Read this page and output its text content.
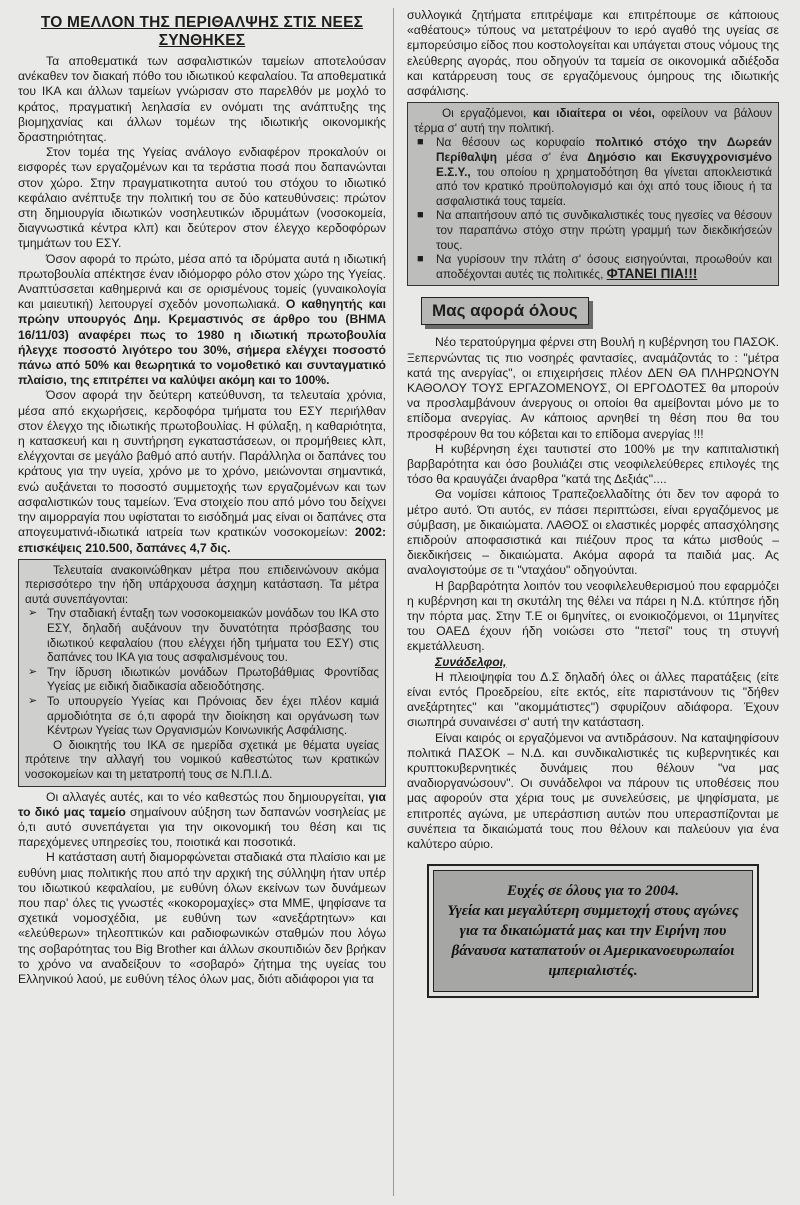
ΤΟ ΜΕΛΛΟΝ ΤΗΣ ΠΕΡΙΘΑΛΨΗΣ ΣΤΙΣ ΝΕΕΣ ΣΥΝΘΗΚΕΣ

Τα αποθεματικά των ασφαλιστικών ταμείων αποτελούσαν ανέκαθεν τον διακαή πόθο του ιδιωτικού κεφαλαίου. Τα αποθεματικά του ΙΚΑ και άλλων ταμείων γνώρισαν στο παρελθόν με μοχλό το κράτος, πραγματική λεηλασία εν ονόματι της ανάπτυξης της βιομηχανίας και άλλων τομέων της ιδιωτικής οικονομικής δραστηριότητας.

Στον τομέα της Υγείας ανάλογο ενδιαφέρον προκαλούν οι εισφορές των εργαζομένων και τα τεράστια ποσά που δαπανώνται στον χώρο. Στην πραγματικοτητα αυτού του στόχου το ιδιωτικό κεφάλαιο ανέπτυξε την πολιτική του σε δύο κατευθύνσεις: πρώτον στη δημιουργία ιδιωτικών νοσηλευτικών ιδρυμάτων (νοσοκομεία, διαγνωστικά κέντρα κλπ) και δεύτερον στον έλεγχο κερδοφόρων τμημάτων του ΕΣΥ.

Όσον αφορά το πρώτο, μέσα από τα ιδρύματα αυτά η ιδιωτική πρωτοβουλία απέκτησε έναν ιδιόμορφο ρόλο στον χώρο της Υγείας. Αναπτύσσεται καθημερινά και σε ορισμένους τομείς (γυναικολογία και μαιευτική) λειτουργεί σχεδόν μονοπωλιακά. Ο καθηγητής και πρώην υπουργός Δημ. Κρεμαστινός σε άρθρο του (ΒΗΜΑ 16/11/03) αναφέρει πως το 1980 η ιδιωτική πρωτοβουλία ήλεγχε ποσοστό λιγότερο του 30%, σήμερα ελέγχει ποσοστό πάνω από 50% και θεωρητικά το νομοθετικό και συνταγματικό πλαίσιο, της επιτρέπει να καλύψει ακόμη και το 100%.

Όσον αφορά την δεύτερη κατεύθυνση, τα τελευταία χρόνια, μέσα από εκχωρήσεις, κερδοφόρα τμήματα του ΕΣΥ περιήλθαν στον έλεγχο της ιδιωτικής πρωτοβουλίας. Η φύλαξη, η καθαριότητα, η κατασκευή και η συντήρηση εγκαταστάσεων, οι προμήθειες κλπ, ελέγχονται σε μεγάλο βαθμό από αυτήν. Παράλληλα οι δαπάνες του κράτους για την υγεία, χρόνο με το χρόνο, μειώνονται σημαντικά, ενώ αυξάνεται το ποσοστό συμμετοχής των εργαζομένων και των ασφαλιστικών τους ταμείων. Ένα στοιχείο που από μόνο του δείχνει την αιμορραγία που υφίσταται το εισόδημά μας είναι οι δαπάνες στα απογευματινά-ιδιωτικά ιατρεία των κρατικών νοσοκομείων: 2002: επισκέψεις 210.500, δαπάνες 4,7 δις.

Τελευταία ανακοινώθηκαν μέτρα που επιδεινώνουν ακόμα περισσότερο την ήδη υπάρχουσα άσχημη κατάσταση. Τα μέτρα αυτά συνεπάγονται:

➢ Την σταδιακή ένταξη των νοσοκομειακών μονάδων του ΙΚΑ στο ΕΣΥ, δηλαδή αυξάνουν την δυνατότητα πρόσβασης του ιδιωτικού κεφαλαίου (που ελέγχει ήδη τμήματα του ΕΣΥ) στις δαπάνες του ΙΚΑ για τους ασφαλισμένους του.
➢ Την ίδρυση ιδιωτικών μονάδων Πρωτοβάθμιας Φροντίδας Υγείας με ειδική διαδικασία αδειοδότησης.
➢ Το υπουργείο Υγείας και Πρόνοιας δεν έχει πλέον καμιά αρμοδιότητα σε ό,τι αφορά την διοίκηση και οργάνωση των Κέντρων Υγείας των Οργανισμών Κοινωνικής Ασφάλισης.

Ο διοικητής του ΙΚΑ σε ημερίδα σχετικά με θέματα υγείας πρότεινε την αλλαγή του νομικού καθεστώτος των κρατικών νοσοκομείων και τη μετατροπή τους σε Ν.Π.Ι.Δ.

Οι αλλαγές αυτές, και το νέο καθεστώς που δημιουργείται, για το δικό μας ταμείο σημαίνουν αύξηση των δαπανών νοσηλείας με ό,τι αυτό συνεπάγεται για την οικονομική του θέση και τις παρεχόμενες υπηρεσίες του, ποιοτικά και ποσοτικά.

Η κατάσταση αυτή διαμορφώνεται σταδιακά στα πλαίσιο και με ευθύνη μιας πολιτικής που από την αρχική της σύλληψη ήταν υπέρ του ιδιωτικού κεφαλαίου, με ευθύνη όλων εκείνων των δυνάμεων που παρ' όλες τις γνωστές «κοκορομαχίες» στα ΜΜΕ, ψηφίσανε τα σχετικά νομοσχέδια, με ευθύνη των «ανεξάρτητων» και «ελεύθερων» τηλεοπτικών και ραδιοφωνικών σταθμών που λόγω της σοβαρότητας του Big Brother και άλλων σκουπιδιών δεν βρήκαν το χρόνο να αναδείξουν το «σοβαρό» ζήτημα της υγείας του Ελληνικού λαού, με ευθύνη τέλος όλων μας, διότι αδιάφοροι για τα

συλλογικά ζητήματα επιτρέψαμε και επιτρέπουμε σε κάποιους «αθέατους» τύπους να μετατρέψουν το ιερό αγαθό της υγείας σε εμπορεύσιμο είδος που κοστολογείται και υπάγεται στους νόμους της ελεύθερης αγοράς, που οδηγούν τα ταμεία σε οικονομικά αδιέξοδα και κατάρρευση τους σε εργαζόμενους όμηρους της ιδιωτικής ασφάλισης.

Οι εργαζόμενοι, και ιδιαίτερα οι νέοι, οφείλουν να βάλουν τέρμα σ' αυτή την πολιτική.

■ Να θέσουν ως κορυφαίο πολιτικό στόχο την Δωρεάν Περίθαλψη μέσα σ' ένα Δημόσιο και Εκσυγχρονισμένο Ε.Σ.Υ., του οποίου η χρηματοδότηση θα γίνεται αποκλειστικά από τον κρατικό προϋπολογισμό και όχι από τους ίδιους ή τα ασφαλιστικά τους ταμεία.
■ Να απαιτήσουν από τις συνδικαλιστικές τους ηγεσίες να θέσουν τον παραπάνω στόχο στην πρώτη γραμμή των διεκδικήσεών τους.
■ Να γυρίσουν την πλάτη σ' όσους εισηγούνται, προωθούν και αποδέχονται αυτές τις πολιτικές, ΦΤΑΝΕΙ ΠΙΑ!!!
Μας αφορά όλους

Νέο τερατούργημα φέρνει στη Βουλή η κυβέρνηση του ΠΑΣΟΚ. Ξεπερνώντας τις πιο νοσηρές φαντασίες, αναμάζοντάς το : "μέτρα κατά της ανεργίας", οι επιχειρήσεις πλέον ΔΕΝ ΘΑ ΠΛΗΡΩΝΟΥΝ ΚΑΘΟΛΟΥ ΤΟΥΣ ΕΡΓΑΖΟΜΕΝΟΥΣ, ΟΙ ΕΡΓΟΔΟΤΕΣ θα μπορούν να προσλαμβάνουν άνεργους οι οποίοι θα αμείβονται μόνο με το επίδομα ανεργίας. Αν κάποιος αρνηθεί τη θέση που θα του προσφέρουν θα του κόβεται και το επίδομα ανεργίας !!!

Η κυβέρνηση έχει ταυτιστεί στο 100% με την καπιταλιστική βαρβαρότητα και όσο βουλιάζει στις νεοφιλελεύθερες επιλογές της τόσο θα κραυγάζει άναρθρα "κατά της Δεξιάς"....

Θα νομίσει κάποιος Τραπεζοελλαδίτης ότι δεν τον αφορά το μέτρο αυτό. Ότι αυτός, εν πάσει περιπτώσει, είναι εργαζόμενος με σύμβαση, με δικαιώματα. ΛΑΘΟΣ οι ελαστικές μορφές απασχόλησης επιδρούν αποφασιστικά και πιέζουν προς τα κάτω μισθούς – διεκδικήσεις – δικαιώματα. Ακόμα αφορά τα παιδιά μας. Ας αναλογιστούμε σε τι "νταχάου" οδηγούνται.

Η βαρβαρότητα λοιπόν του νεοφιλελευθερισμού που εφαρμόζει η κυβέρνηση και τη σκυτάλη της θέλει να πάρει η Ν.Δ. κτύπησε ήδη την πόρτα μας. Στην Τ.Ε οι 6μηνίτες, οι ενοικιοζόμενοι, οι 11μηνίτες του ΟΑΕΔ έχουν ήδη νοιώσει στο "πετσί" τους τη στυγνή εκμετάλλευση.

Συνάδελφοι,

Η πλειοψηφία του Δ.Σ δηλαδή όλες οι άλλες παρατάξεις (είτε είναι εντός Προεδρείου, είτε εκτός, είτε παριστάνουν τις "δήθεν ανεξάρτητες" και "ακομμάτιστες") σφυρίζουν αδιάφορα. Έχουν σιωπηρά συναινέσει σ' αυτή την κατάσταση.

Είναι καιρός οι εργαζόμενοι να αντιδράσουν. Να καταψηφίσουν πολιτικά ΠΑΣΟΚ – Ν.Δ. και συνδικαλιστικές τις κυβερνητικές και κρυπτοκυβερνητικές δυνάμεις που θέλουν "να μας αναδιοργανώσουν". Οι συνάδελφοι να πάρουν τις υποθέσεις που μας αφορούν στα χέρια τους με συνελεύσεις, με ψηφίσματα, με επιτροπές αγώνα, με υπεράσπιση αυτών που υπερασπίζονται με συνέπεια τα δικαιώματά τους που θέλουν και παλεύουν για ένα καλύτερο αύριο.

Ευχές σε όλους για το 2004.
Υγεία και μεγαλύτερη συμμετοχή στους αγώνες για τα δικαιώματά μας και την Ειρήνη που βάναυσα καταπατούν οι Αμερικανοευρωπαίοι ιμπεριαλιστές.
